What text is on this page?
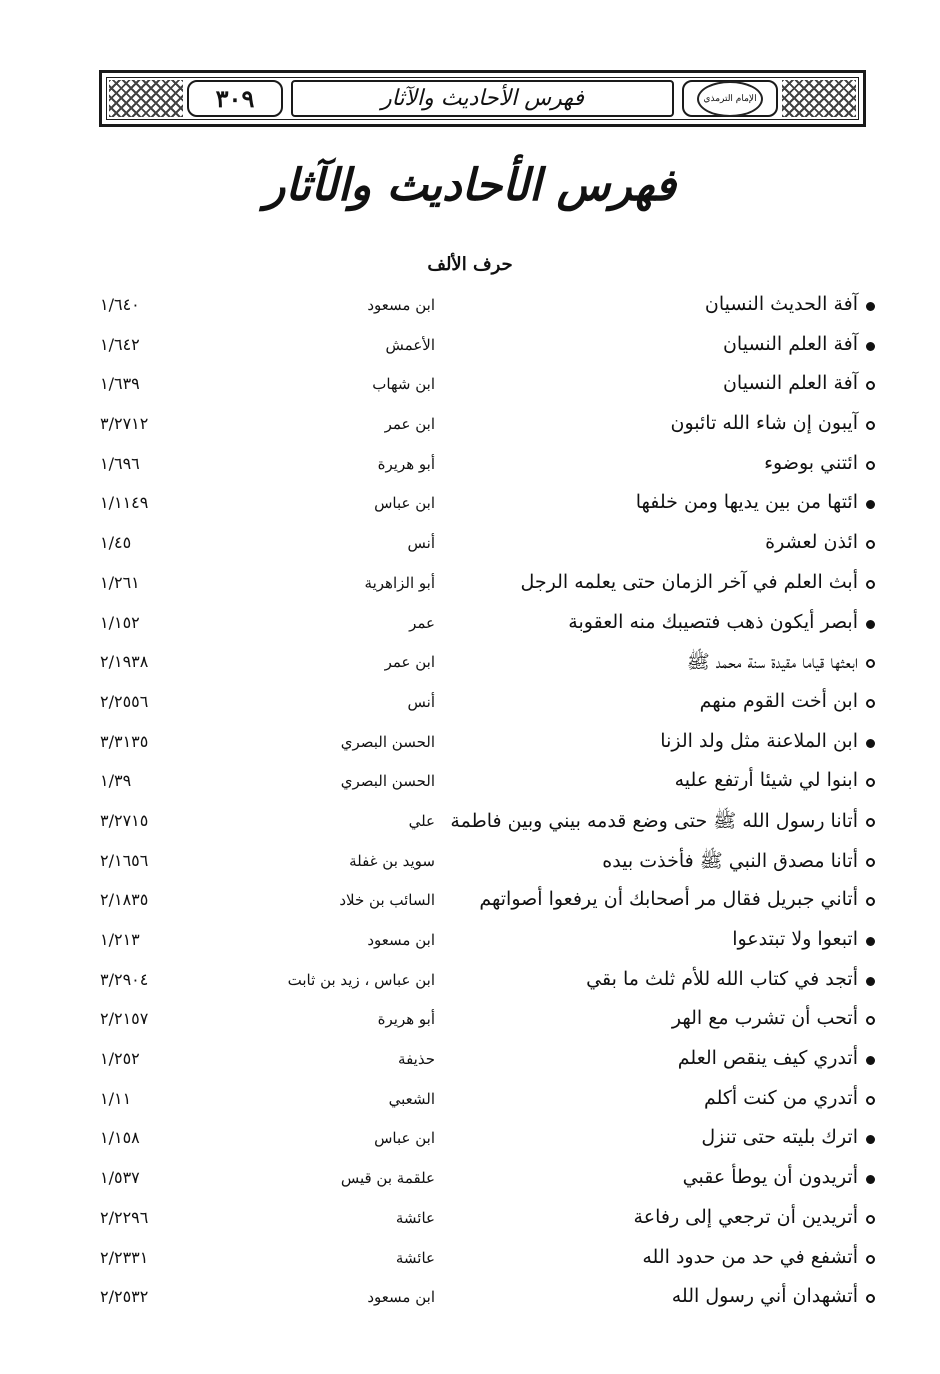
٣٠٩	فهرس الأحاديث والآثار	الإمام الترمذي
فهرس الأحاديث والآثار
حرف الألف
آفة الحديث النسيان
ابن مسعود
١/٦٤٠
آفة العلم النسيان
الأعمش
١/٦٤٢
آفة العلم النسيان
ابن شهاب
١/٦٣٩
آيبون إن شاء الله تائبون
ابن عمر
٣/٢٧١٢
ائتني بوضوء
أبو هريرة
١/٦٩٦
ائتها من بين يديها ومن خلفها
ابن عباس
١/١١٤٩
ائذن لعشرة
أنس
١/٤٥
أبث العلم في آخر الزمان حتى يعلمه الرجل
أبو الزاهرية
١/٢٦١
أبصر أيكون ذهب فتصيبك منه العقوبة
عمر
١/١٥٢
ابعثها قياما مقيدة سنة محمد ﷺ
ابن عمر
٢/١٩٣٨
ابن أخت القوم منهم
أنس
٢/٢٥٥٦
ابن الملاعنة مثل ولد الزنا
الحسن البصري
٣/٣١٣٥
ابنوا لي شيئا أرتفع عليه
الحسن البصري
١/٣٩
أتانا رسول الله ﷺ حتى وضع قدمه بيني وبين فاطمة
علي
٣/٢٧١٥
أتانا مصدق النبي ﷺ فأخذت بيده
سويد بن غفلة
٢/١٦٥٦
أتاني جبريل فقال مر أصحابك أن يرفعوا أصواتهم
السائب بن خلاد
٢/١٨٣٥
اتبعوا ولا تبتدعوا
ابن مسعود
١/٢١٣
أتجد في كتاب الله للأم ثلث ما بقي
ابن عباس ، زيد بن ثابت
٣/٢٩٠٤
أتحب أن تشرب مع الهر
أبو هريرة
٢/٢١٥٧
أتدري كيف ينقص العلم
حذيفة
١/٢٥٢
أتدري من كنت أكلم
الشعبي
١/١١
اترك بليته حتى تنزل
ابن عباس
١/١٥٨
أتريدون أن يوطأ عقبي
علقمة بن قيس
١/٥٣٧
أتريدين أن ترجعي إلى رفاعة
عائشة
٢/٢٢٩٦
أتشفع في حد من حدود الله
عائشة
٢/٢٣٣١
أتشهدان أني رسول الله
ابن مسعود
٢/٢٥٣٢
